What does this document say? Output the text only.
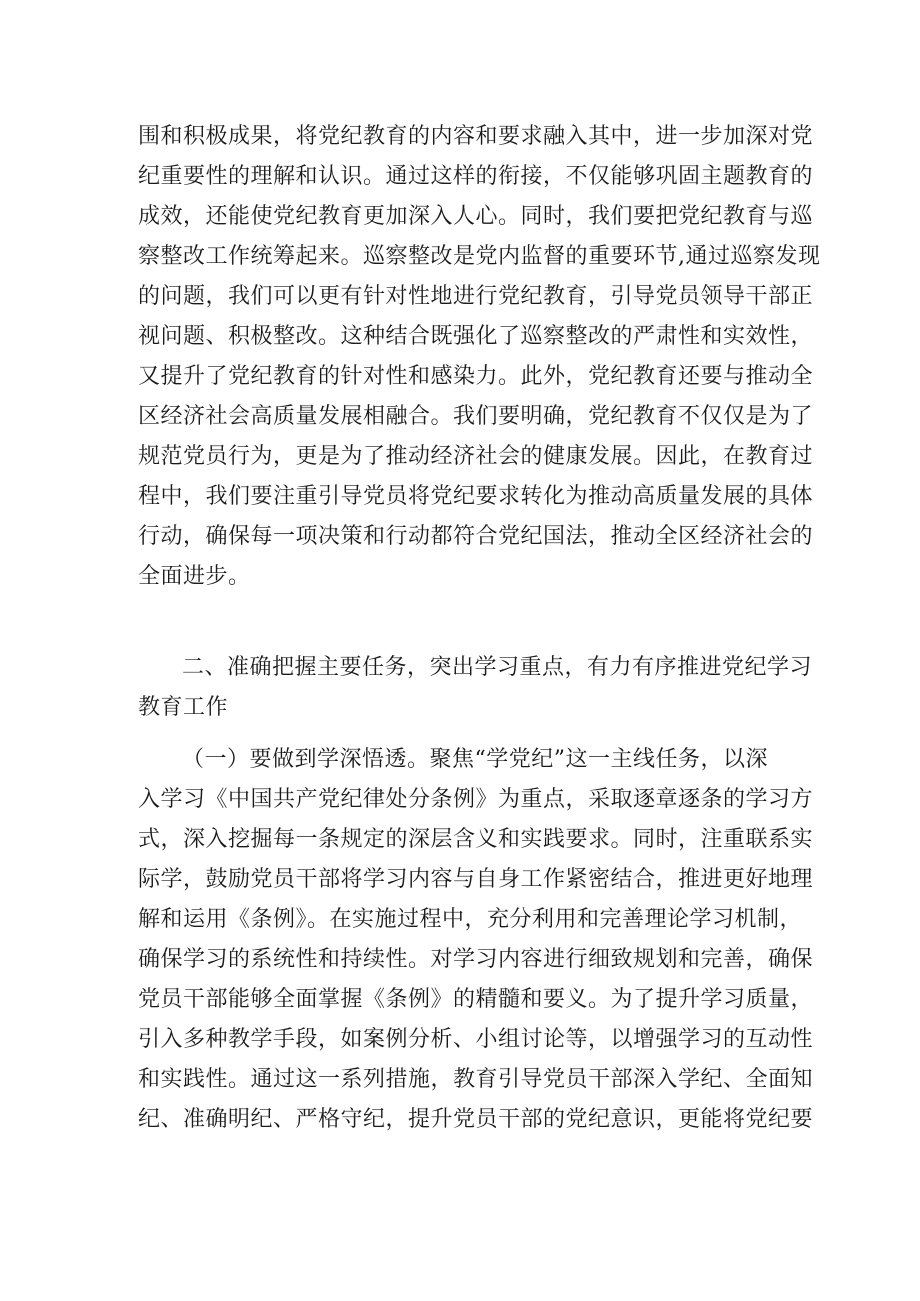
围和积极成果，将党纪教育的内容和要求融入其中，进一步加深对党
纪重要性的理解和认识。通过这样的衔接，不仅能够巩固主题教育的
成效，还能使党纪教育更加深入人心。同时，我们要把党纪教育与巡
察整改工作统筹起来。巡察整改是党内监督的重要环节,通过巡察发现
的问题，我们可以更有针对性地进行党纪教育，引导党员领导干部正
视问题、积极整改。这种结合既强化了巡察整改的严肃性和实效性，
又提升了党纪教育的针对性和感染力。此外，党纪教育还要与推动全
区经济社会高质量发展相融合。我们要明确，党纪教育不仅仅是为了
规范党员行为，更是为了推动经济社会的健康发展。因此，在教育过
程中，我们要注重引导党员将党纪要求转化为推动高质量发展的具体
行动，确保每一项决策和行动都符合党纪国法，推动全区经济社会的
全面进步。
二、准确把握主要任务，突出学习重点，有力有序推进党纪学习
教育工作
（一）要做到学深悟透。聚焦“学党纪”这一主线任务，以深
入学习《中国共产党纪律处分条例》为重点，采取逐章逐条的学习方
式，深入挖掘每一条规定的深层含义和实践要求。同时，注重联系实
际学，鼓励党员干部将学习内容与自身工作紧密结合，推进更好地理
解和运用《条例》。在实施过程中，充分利用和完善理论学习机制，
确保学习的系统性和持续性。对学习内容进行细致规划和完善，确保
党员干部能够全面掌握《条例》的精髓和要义。为了提升学习质量，
引入多种教学手段，如案例分析、小组讨论等，以增强学习的互动性
和实践性。通过这一系列措施，教育引导党员干部深入学纪、全面知
纪、准确明纪、严格守纪，提升党员干部的党纪意识，更能将党纪要
